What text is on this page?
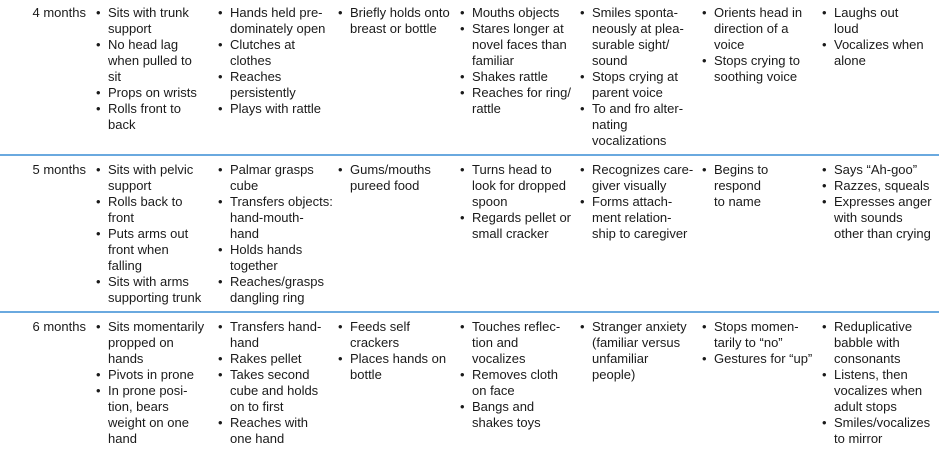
4 months • Sits with trunk
support
• No head lag
when pulled to
sit
• Props on wrists
• Rolls front to
back
• Hands held pre-
dominately open
• Clutches at
clothes
• Reaches
persistently
• Plays with rattle
• Briefly holds onto
breast or bottle
• Mouths objects
• Stares longer at
novel faces than
familiar
• Shakes rattle
• Reaches for ring/
rattle
• Smiles sponta-
neously at plea-
surable sight/
sound
• Stops crying at
parent voice
• To and fro alter-
nating
vocalizations
• Orients head in
direction of a
voice
• Stops crying to
soothing voice
• Laughs out
loud
• Vocalizes when
alone
5 months • Sits with pelvic
support
• Rolls back to
front
• Puts arms out
front when
falling
• Sits with arms
supporting trunk
• Palmar grasps
cube
• Transfers objects:
hand-mouth-
hand
• Holds hands
together
• Reaches/grasps
dangling ring
• Gums/mouths
pureed food
• Turns head to
look for dropped
spoon
• Regards pellet or
small cracker
• Recognizes care-
giver visually
• Forms attach-
ment relation-
ship to caregiver
• Begins to respond
to name
• Says “Ah-goo”
• Razzes, squeals
• Expresses anger
with sounds
other than crying
6 months • Sits momentarily
propped on
hands
• Pivots in prone
• In prone posi-
tion, bears
weight on one
hand
• Transfers hand-
hand
• Rakes pellet
• Takes second
cube and holds
on to first
• Reaches with
one hand
• Feeds self
crackers
• Places hands on
bottle
• Touches reflec-
tion and
vocalizes
• Removes cloth
on face
• Bangs and
shakes toys
• Stranger anxiety
(familiar versus
unfamiliar
people)
• Stops momen-
tarily to “no”
• Gestures for “up”
• Reduplicative
babble with
consonants
• Listens, then
vocalizes when
adult stops
• Smiles/vocalizes
to mirror
